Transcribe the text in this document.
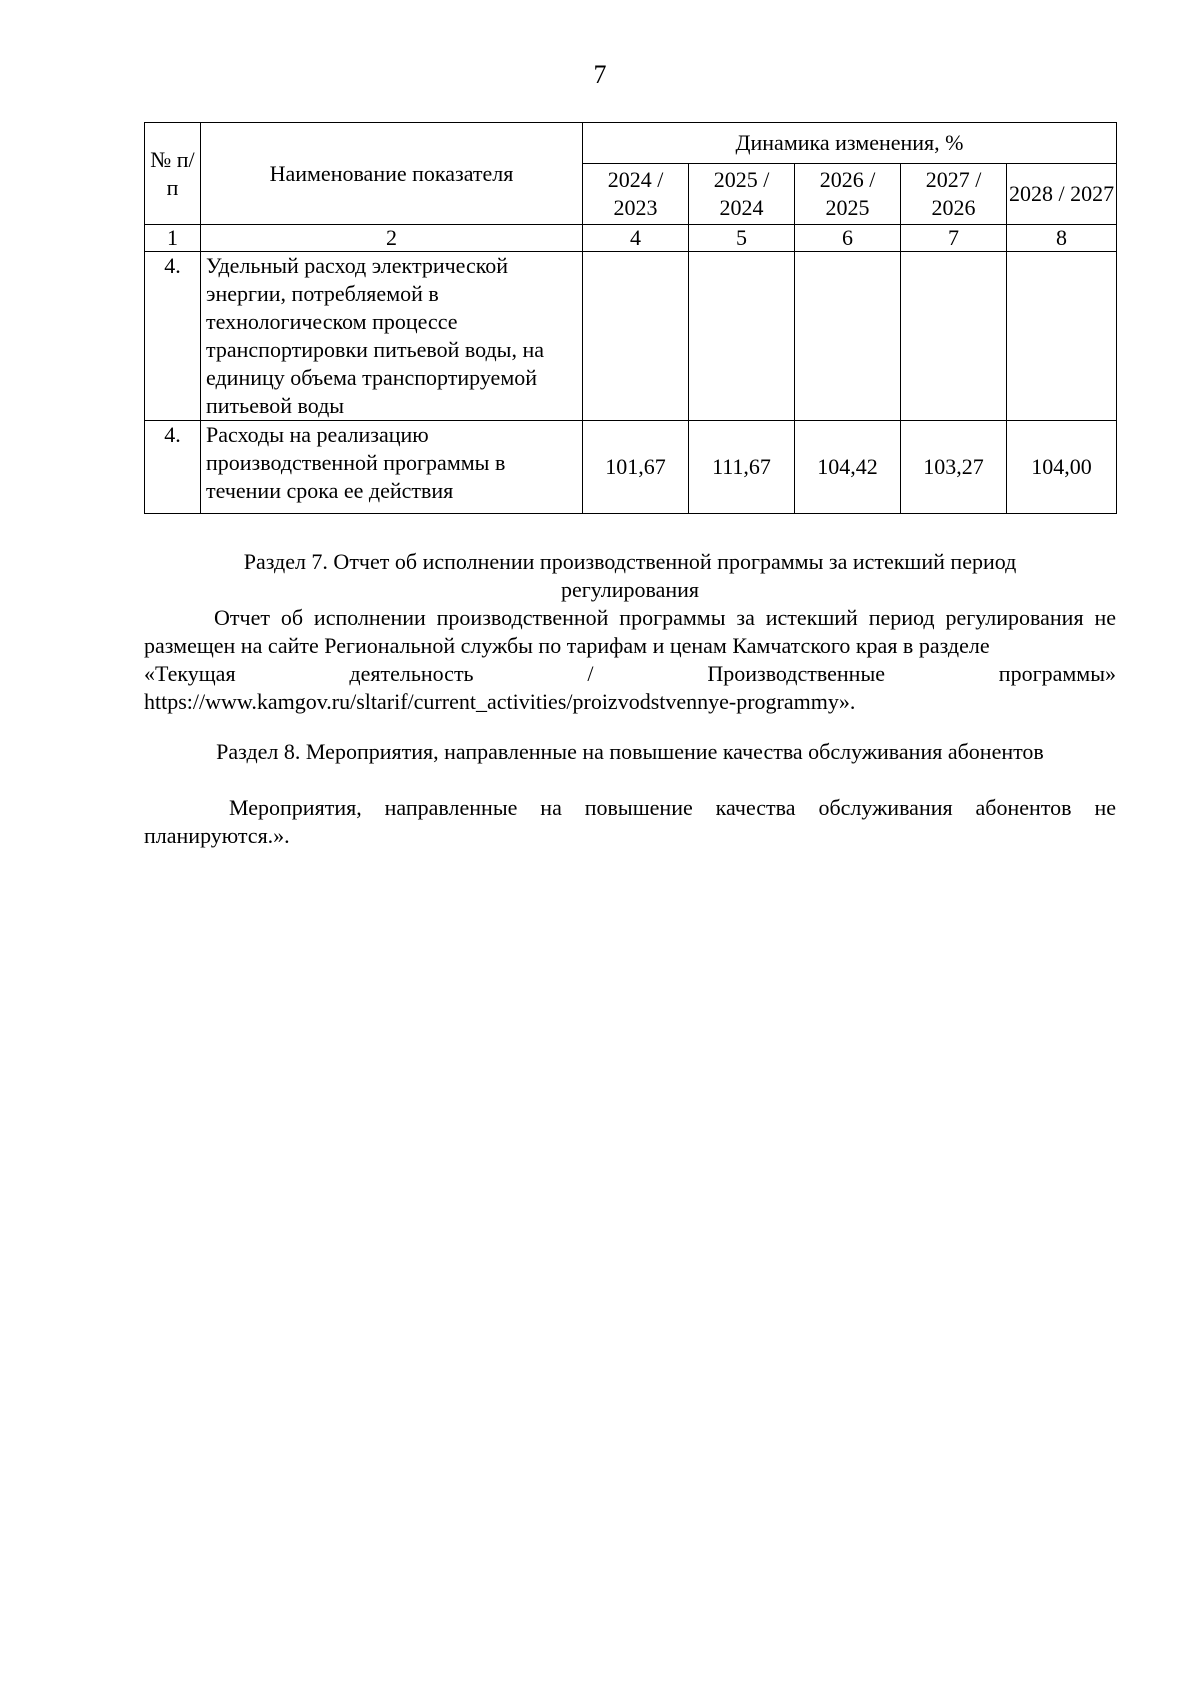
7
№ п/п	Наименование показателя	Динамика изменения, %				
		2024 / 2023	2025 / 2024	2026 / 2025	2027 / 2026	2028 / 2027
1	2	4	5	6	7	8
4.	Удельный расход электрической энергии, потребляемой в технологическом процессе транспортировки питьевой воды, на единицу объема транспортируемой питьевой воды					
4.	Расходы на реализацию производственной программы в течении срока ее действия	101,67	111,67	104,42	103,27	104,00
Раздел 7. Отчет об исполнении производственной программы за истекший период
регулирования
Отчет об исполнении производственной программы за истекший период регулирования не размещен на сайте Региональной службы по тарифам и ценам Камчатского края в разделе
«Текущая деятельность / Производственные программы»
https://www.kamgov.ru/sltarif/current_activities/proizvodstvennye-programmy».
Раздел 8. Мероприятия, направленные на повышение качества обслуживания абонентов
Мероприятия, направленные на повышение качества обслуживания абонентов не планируются.».
